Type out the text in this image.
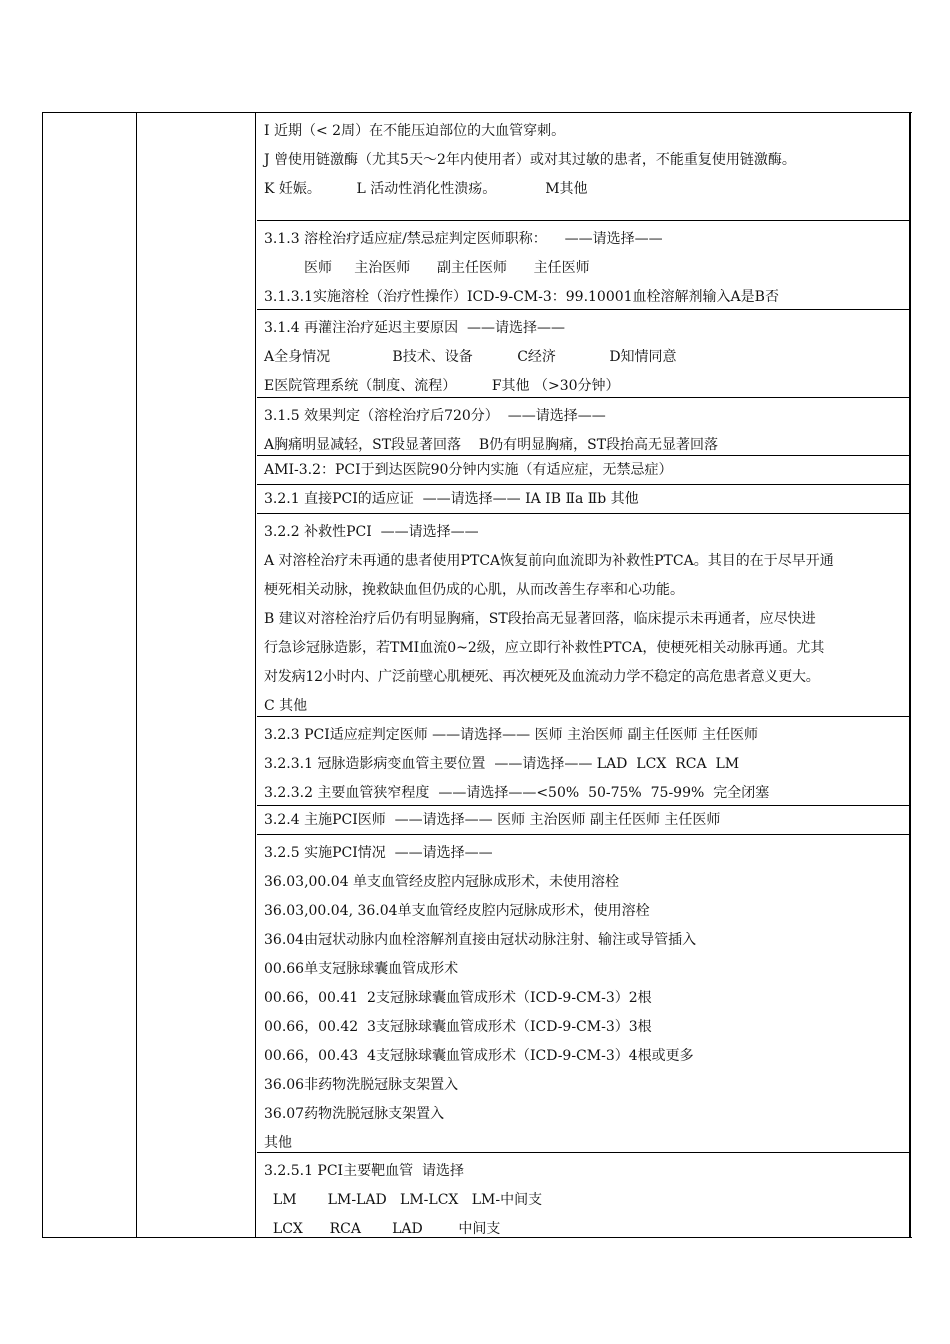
I 近期（< 2周）在不能压迫部位的大血管穿刺。
J 曾使用链激酶（尤其5天～2年内使用者）或对其过敏的患者，不能重复使用链激酶。
K 妊娠。        L 活动性消化性溃疡。           M其他
3.1.3 溶栓治疗适应症/禁忌症判定医师职称：    ——请选择——
医师     主治医师      副主任医师      主任医师
3.1.3.1实施溶栓（治疗性操作）ICD-9-CM-3：99.10001血栓溶解剂输入A是B否
3.1.4 再灌注治疗延迟主要原因  ——请选择——
A全身情况              B技术、设备          C经济            D知情同意
E医院管理系统（制度、流程）        F其他 （>30分钟）
3.1.5 效果判定（溶栓治疗后720分）  ——请选择——
A胸痛明显减轻，ST段显著回落    B仍有明显胸痛，ST段抬高无显著回落
AMI-3.2：PCI于到达医院90分钟内实施（有适应症，无禁忌症）
3.2.1 直接PCI的适应证  ——请选择—— ⅠA ⅠB Ⅱa Ⅱb 其他
3.2.2 补救性PCI  ——请选择——
A 对溶栓治疗未再通的患者使用PTCA恢复前向血流即为补救性PTCA。其目的在于尽早开通
梗死相关动脉，挽救缺血但仍成的心肌，从而改善生存率和心功能。
B 建议对溶栓治疗后仍有明显胸痛，ST段抬高无显著回落，临床提示未再通者，应尽快进
行急诊冠脉造影，若TMI血流0~2级，应立即行补救性PTCA，使梗死相关动脉再通。尤其
对发病12小时内、广泛前壁心肌梗死、再次梗死及血流动力学不稳定的高危患者意义更大。
C 其他
3.2.3 PCI适应症判定医师 ——请选择—— 医师 主治医师 副主任医师 主任医师
3.2.3.1 冠脉造影病变血管主要位置  ——请选择—— LAD  LCX  RCA  LM
3.2.3.2 主要血管狭窄程度  ——请选择——<50%  50-75%  75-99%  完全闭塞
3.2.4 主施PCI医师  ——请选择—— 医师 主治医师 副主任医师 主任医师
3.2.5 实施PCI情况  ——请选择——
36.03,00.04 单支血管经皮腔内冠脉成形术，未使用溶栓
36.03,00.04, 36.04单支血管经皮腔内冠脉成形术，使用溶栓
36.04由冠状动脉内血栓溶解剂直接由冠状动脉注射、输注或导管插入
00.66单支冠脉球囊血管成形术
00.66，00.41  2支冠脉球囊血管成形术（ICD-9-CM-3）2根
00.66，00.42  3支冠脉球囊血管成形术（ICD-9-CM-3）3根
00.66，00.43  4支冠脉球囊血管成形术（ICD-9-CM-3）4根或更多
36.06非药物洗脱冠脉支架置入
36.07药物洗脱冠脉支架置入
其他
3.2.5.1 PCI主要靶血管  请选择
LM       LM-LAD   LM-LCX   LM-中间支
LCX      RCA       LAD        中间支
